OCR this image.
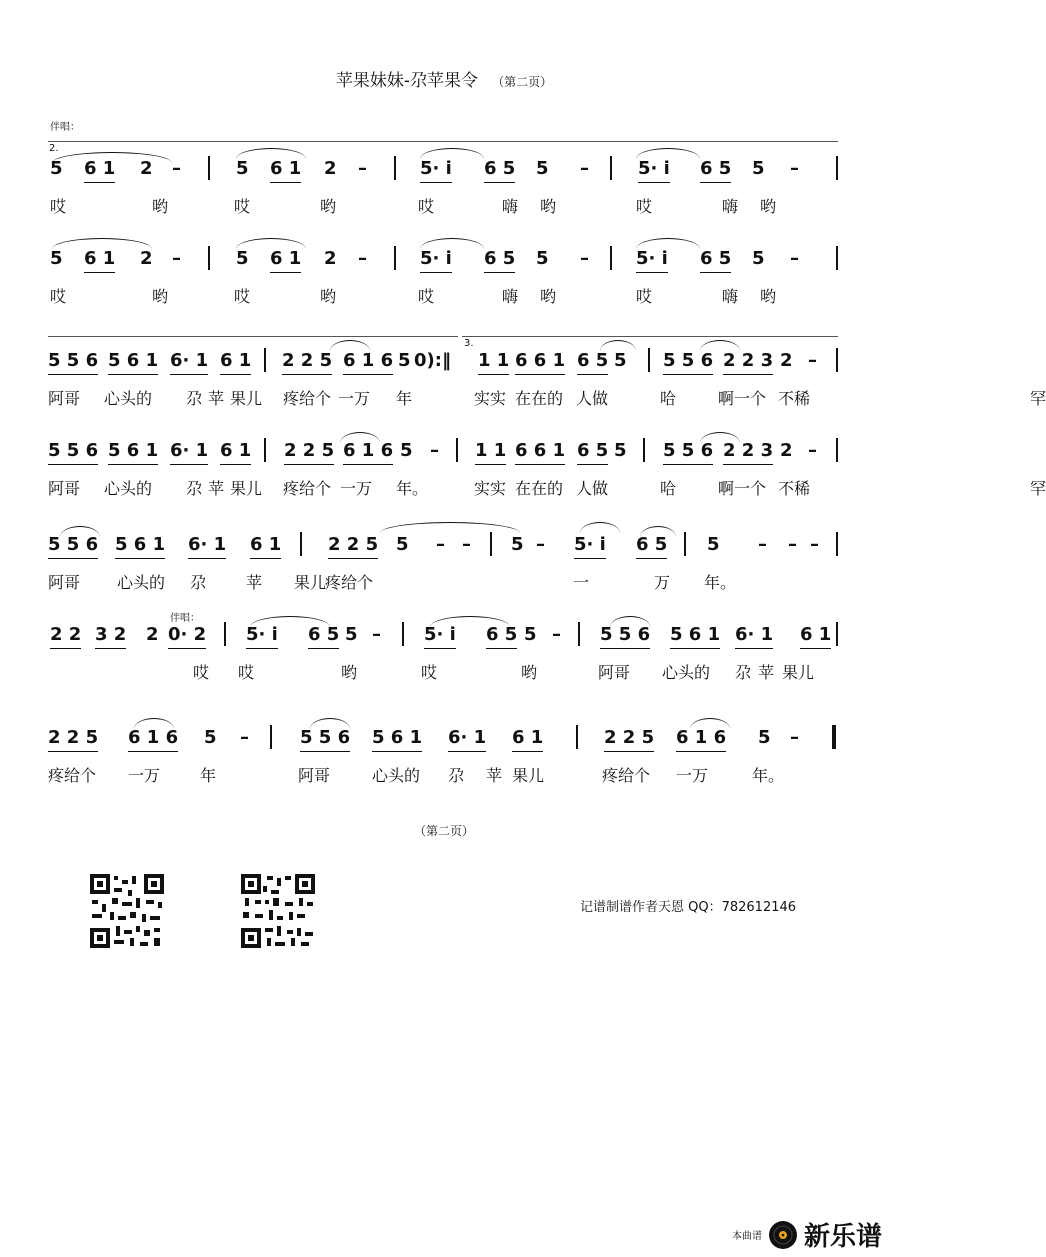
苹果妹妹-尕苹果令 （第二页）
伴唱：
2.
5 6 1 2 –	5 6 1 2 –	5· i 6 5 5 –	5· i 6 5 5 –
哎	哟	哎	哟	哎	嗨 哟	哎	嗨 哟
5 6 1 2 –	5 6 1 2 –	5· i 6 5 5 –	5· i 6 5 5 –
哎	哟	哎	哟	哎	嗨 哟	哎	嗨 哟
5 5 6 5 6 1 6· 1 6 1 2 2 5 6 1 6 5 0):‖ 1 1 6 6 1 6 5 5 5 5 6 2 2 3 2 –
阿哥 心头的 尕 苹 果儿 疼给个 一万 年	实实 在在的 人做	哈	啊一个 不稀	罕
5 5 6 5 6 1 6· 1 6 1 2 2 5 6 1 6 5 – 1 1 6 6 1 6 5 5 5 5 6 2 2 3 2 –
阿哥 心头的 尕 苹 果儿 疼给个 一万 年。	实实 在在的 人做	哈	啊一个 不稀	罕
5 5 6 5 6 1 6· 1 6 1	2 2 5 5 – – 5 – 5· i 6 5 5 – – –
阿哥 心头的 尕 苹 果儿
疼给个	一	万 年。
2 2 3 2 2 0· 2 5· i 6 5 5 – 5· i 6 5 5 – 5 5 6 5 6 1 6· 1 6 1
哎 哎	哟	哎	哟	阿哥 心头的 尕 苹 果儿
2 2 5 6 1 6 5 –	5 5 6 5 6 1 6· 1 6 1	2 2 5 6 1 6 5 –
疼给个 一万 年	阿哥	心头的 尕 苹 果儿	疼给个 一万	年。
3.
伴唱：
（第二页）
记谱制谱作者天恩 QQ：782612146
本曲谱 新乐谱
